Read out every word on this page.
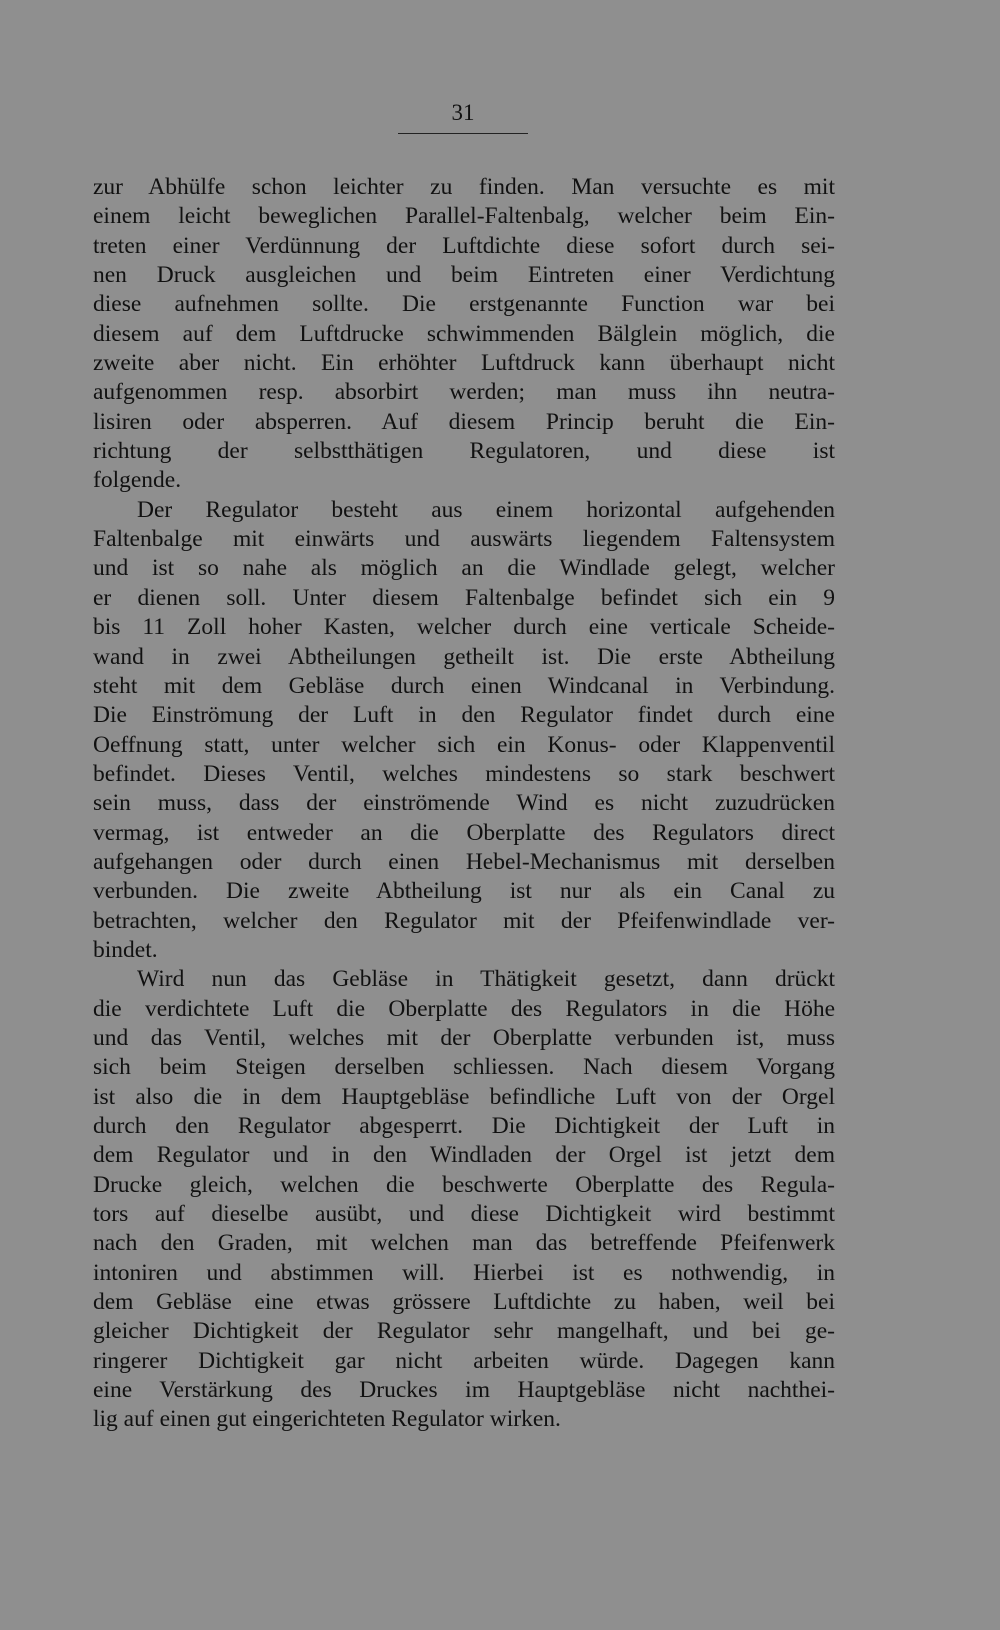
31
zur Abhülfe schon leichter zu finden. Man versuchte es mit
einem leicht beweglichen Parallel-Faltenbalg, welcher beim Ein-
treten einer Verdünnung der Luftdichte diese sofort durch sei-
nen Druck ausgleichen und beim Eintreten einer Verdichtung
diese aufnehmen sollte. Die erstgenannte Function war bei
diesem auf dem Luftdrucke schwimmenden Bälglein möglich, die
zweite aber nicht. Ein erhöhter Luftdruck kann überhaupt nicht
aufgenommen resp. absorbirt werden; man muss ihn neutra-
lisiren oder absperren. Auf diesem Princip beruht die Ein-
richtung der selbstthätigen Regulatoren, und diese ist
folgende.
Der Regulator besteht aus einem horizontal aufgehenden
Faltenbalge mit einwärts und auswärts liegendem Faltensystem
und ist so nahe als möglich an die Windlade gelegt, welcher
er dienen soll. Unter diesem Faltenbalge befindet sich ein 9
bis 11 Zoll hoher Kasten, welcher durch eine verticale Scheide-
wand in zwei Abtheilungen getheilt ist. Die erste Abtheilung
steht mit dem Gebläse durch einen Windcanal in Verbindung.
Die Einströmung der Luft in den Regulator findet durch eine
Oeffnung statt, unter welcher sich ein Konus- oder Klappenventil
befindet. Dieses Ventil, welches mindestens so stark beschwert
sein muss, dass der einströmende Wind es nicht zuzudrücken
vermag, ist entweder an die Oberplatte des Regulators direct
aufgehangen oder durch einen Hebel-Mechanismus mit derselben
verbunden. Die zweite Abtheilung ist nur als ein Canal zu
betrachten, welcher den Regulator mit der Pfeifenwindlade ver-
bindet.
Wird nun das Gebläse in Thätigkeit gesetzt, dann drückt
die verdichtete Luft die Oberplatte des Regulators in die Höhe
und das Ventil, welches mit der Oberplatte verbunden ist, muss
sich beim Steigen derselben schliessen. Nach diesem Vorgang
ist also die in dem Hauptgebläse befindliche Luft von der Orgel
durch den Regulator abgesperrt. Die Dichtigkeit der Luft in
dem Regulator und in den Windladen der Orgel ist jetzt dem
Drucke gleich, welchen die beschwerte Oberplatte des Regula-
tors auf dieselbe ausübt, und diese Dichtigkeit wird bestimmt
nach den Graden, mit welchen man das betreffende Pfeifenwerk
intoniren und abstimmen will. Hierbei ist es nothwendig, in
dem Gebläse eine etwas grössere Luftdichte zu haben, weil bei
gleicher Dichtigkeit der Regulator sehr mangelhaft, und bei ge-
ringerer Dichtigkeit gar nicht arbeiten würde. Dagegen kann
eine Verstärkung des Druckes im Hauptgebläse nicht nachthei-
lig auf einen gut eingerichteten Regulator wirken.
